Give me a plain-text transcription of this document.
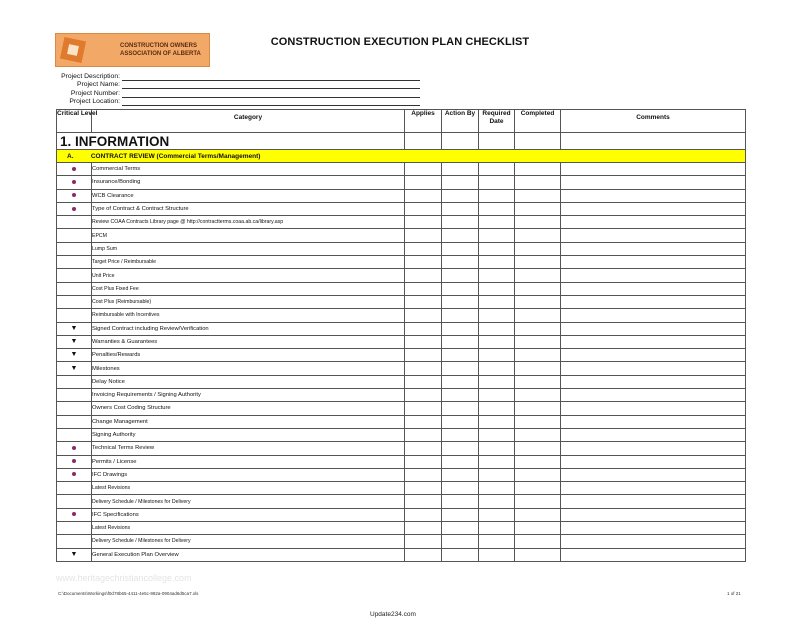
CONSTRUCTION OWNERS ASSOCIATION OF ALBERTA
CONSTRUCTION EXECUTION PLAN CHECKLIST
Project Description:
Project Name:
Project Number:
Project Location:
Critical Level	Category	Applies	Action By	Required Date	Completed	Comments
1. INFORMATION						
A. CONTRACT REVIEW (Commercial Terms/Management)						
	Commercial Terms					
	Insurance/Bonding					
	WCB Clearance					
	Type of Contract & Contract Structure					
	Review COAA Contracts Library page @ http://contractterms.coaa.ab.ca/library.asp					
	EPCM					
	Lump Sum					
	Target Price / Reimbursable					
	Unit Price					
	Cost Plus Fixed Fee					
	Cost Plus (Reimbursable)					
	Reimbursable with Incentives					
▼	Signed Contract including Review/Verification					
▼	Warranties & Guarantees					
▼	Penalties/Rewards					
▼	Milestones					
	Delay Notice					
	Invoicing Requirements / Signing Authority					
	Owners Cost Coding Structure					
	Change Management					
	Signing Authority					
	Technical Terms Review					
	Permits / License					
	IFC Drawings					
	Latest Revisions					
	Delivery Schedule / Milestones for Delivery					
	IFC Specifications					
	Latest Revisions					
	Delivery Schedule / Milestones for Delivery					
▼	General Execution Plan Overview					
www.heritagechristiancollege.com
C:\Documents\Workings\f0d78b65-4411-4e5c-992a-0904ad6d5ca7.xls	1 of 21
Update234.com
